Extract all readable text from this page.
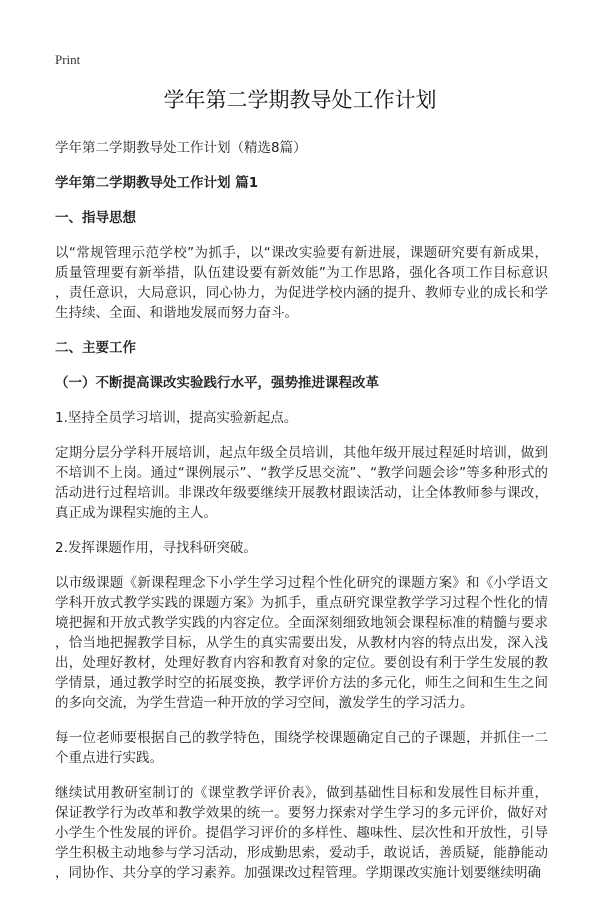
Print
学年第二学期教导处工作计划
学年第二学期教导处工作计划（精选8篇）
学年第二学期教导处工作计划 篇1
一、指导思想
以“常规管理示范学校”为抓手，以“课改实验要有新进展，课题研究要有新成果，
质量管理要有新举措，队伍建设要有新效能”为工作思路，强化各项工作目标意识
，责任意识，大局意识，同心协力，为促进学校内涵的提升、教师专业的成长和学
生持续、全面、和谐地发展而努力奋斗。
二、主要工作
（一）不断提高课改实验践行水平，强势推进课程改革
1.坚持全员学习培训，提高实验新起点。
定期分层分学科开展培训，起点年级全员培训，其他年级开展过程延时培训，做到
不培训不上岗。通过“课例展示”、“教学反思交流”、“教学问题会诊”等多种形式的
活动进行过程培训。非课改年级要继续开展教材跟读活动，让全体教师参与课改，
真正成为课程实施的主人。
2.发挥课题作用，寻找科研突破。
以市级课题《新课程理念下小学生学习过程个性化研究的课题方案》和《小学语文
学科开放式教学实践的课题方案》为抓手，重点研究课堂教学学习过程个性化的情
境把握和开放式教学实践的内容定位。全面深刻细致地领会课程标准的精髓与要求
，恰当地把握教学目标，从学生的真实需要出发，从教材内容的特点出发，深入浅
出，处理好教材，处理好教育内容和教育对象的定位。要创设有利于学生发展的教
学情景，通过教学时空的拓展变换，教学评价方法的多元化，师生之间和生生之间
的多向交流，为学生营造一种开放的学习空间，激发学生的学习活力。
每一位老师要根据自己的教学特色，围绕学校课题确定自己的子课题，并抓住一二
个重点进行实践。
继续试用教研室制订的《课堂教学评价表》，做到基础性目标和发展性目标并重，
保证教学行为改革和教学效果的统一。要努力探索对学生学习的多元评价，做好对
小学生个性发展的评价。提倡学习评价的多样性、趣味性、层次性和开放性，引导
学生积极主动地参与学习活动，形成勤思索，爱动手，敢说话，善质疑，能静能动
，同协作、共分享的学习素养。加强课改过程管理。学期课改实施计划要继续明确
